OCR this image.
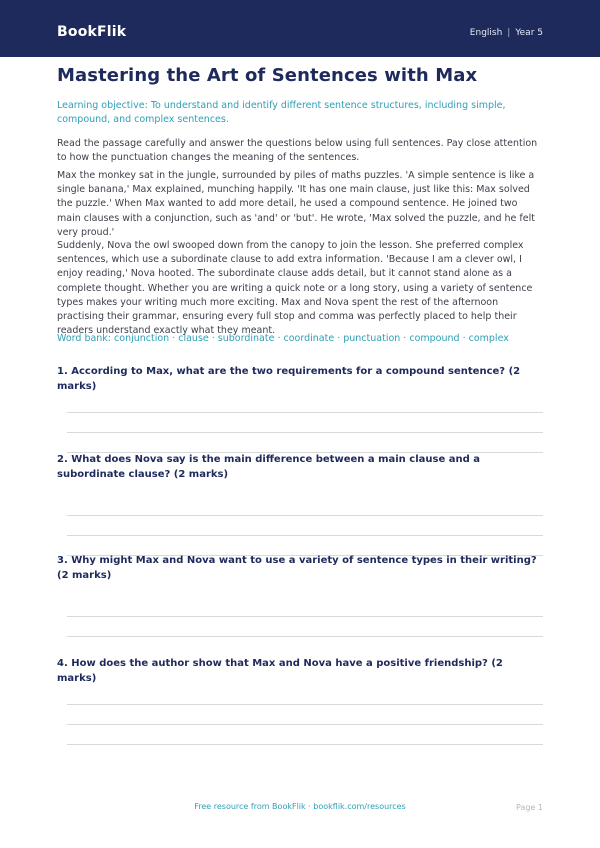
BookFlik	English | Year 5
Mastering the Art of Sentences with Max

Learning objective: To understand and identify different sentence structures, including simple, compound, and complex sentences.

Read the passage carefully and answer the questions below using full sentences. Pay close attention to how the punctuation changes the meaning of the sentences.

Max the monkey sat in the jungle, surrounded by piles of maths puzzles. 'A simple sentence is like a single banana,' Max explained, munching happily. 'It has one main clause, just like this: Max solved the puzzle.' When Max wanted to add more detail, he used a compound sentence. He joined two main clauses with a conjunction, such as 'and' or 'but'. He wrote, 'Max solved the puzzle, and he felt very proud.'

Suddenly, Nova the owl swooped down from the canopy to join the lesson. She preferred complex sentences, which use a subordinate clause to add extra information. 'Because I am a clever owl, I enjoy reading,' Nova hooted. The subordinate clause adds detail, but it cannot stand alone as a complete thought. Whether you are writing a quick note or a long story, using a variety of sentence types makes your writing much more exciting. Max and Nova spent the rest of the afternoon practising their grammar, ensuring every full stop and comma was perfectly placed to help their readers understand exactly what they meant.

Word bank: conjunction · clause · subordinate · coordinate · punctuation · compound · complex

1. According to Max, what are the two requirements for a compound sentence? (2 marks)

2. What does Nova say is the main difference between a main clause and a subordinate clause? (2 marks)

3. Why might Max and Nova want to use a variety of sentence types in their writing? (2 marks)

4. How does the author show that Max and Nova have a positive friendship? (2 marks)

Free resource from BookFlik · bookflik.com/resources	Page 1
